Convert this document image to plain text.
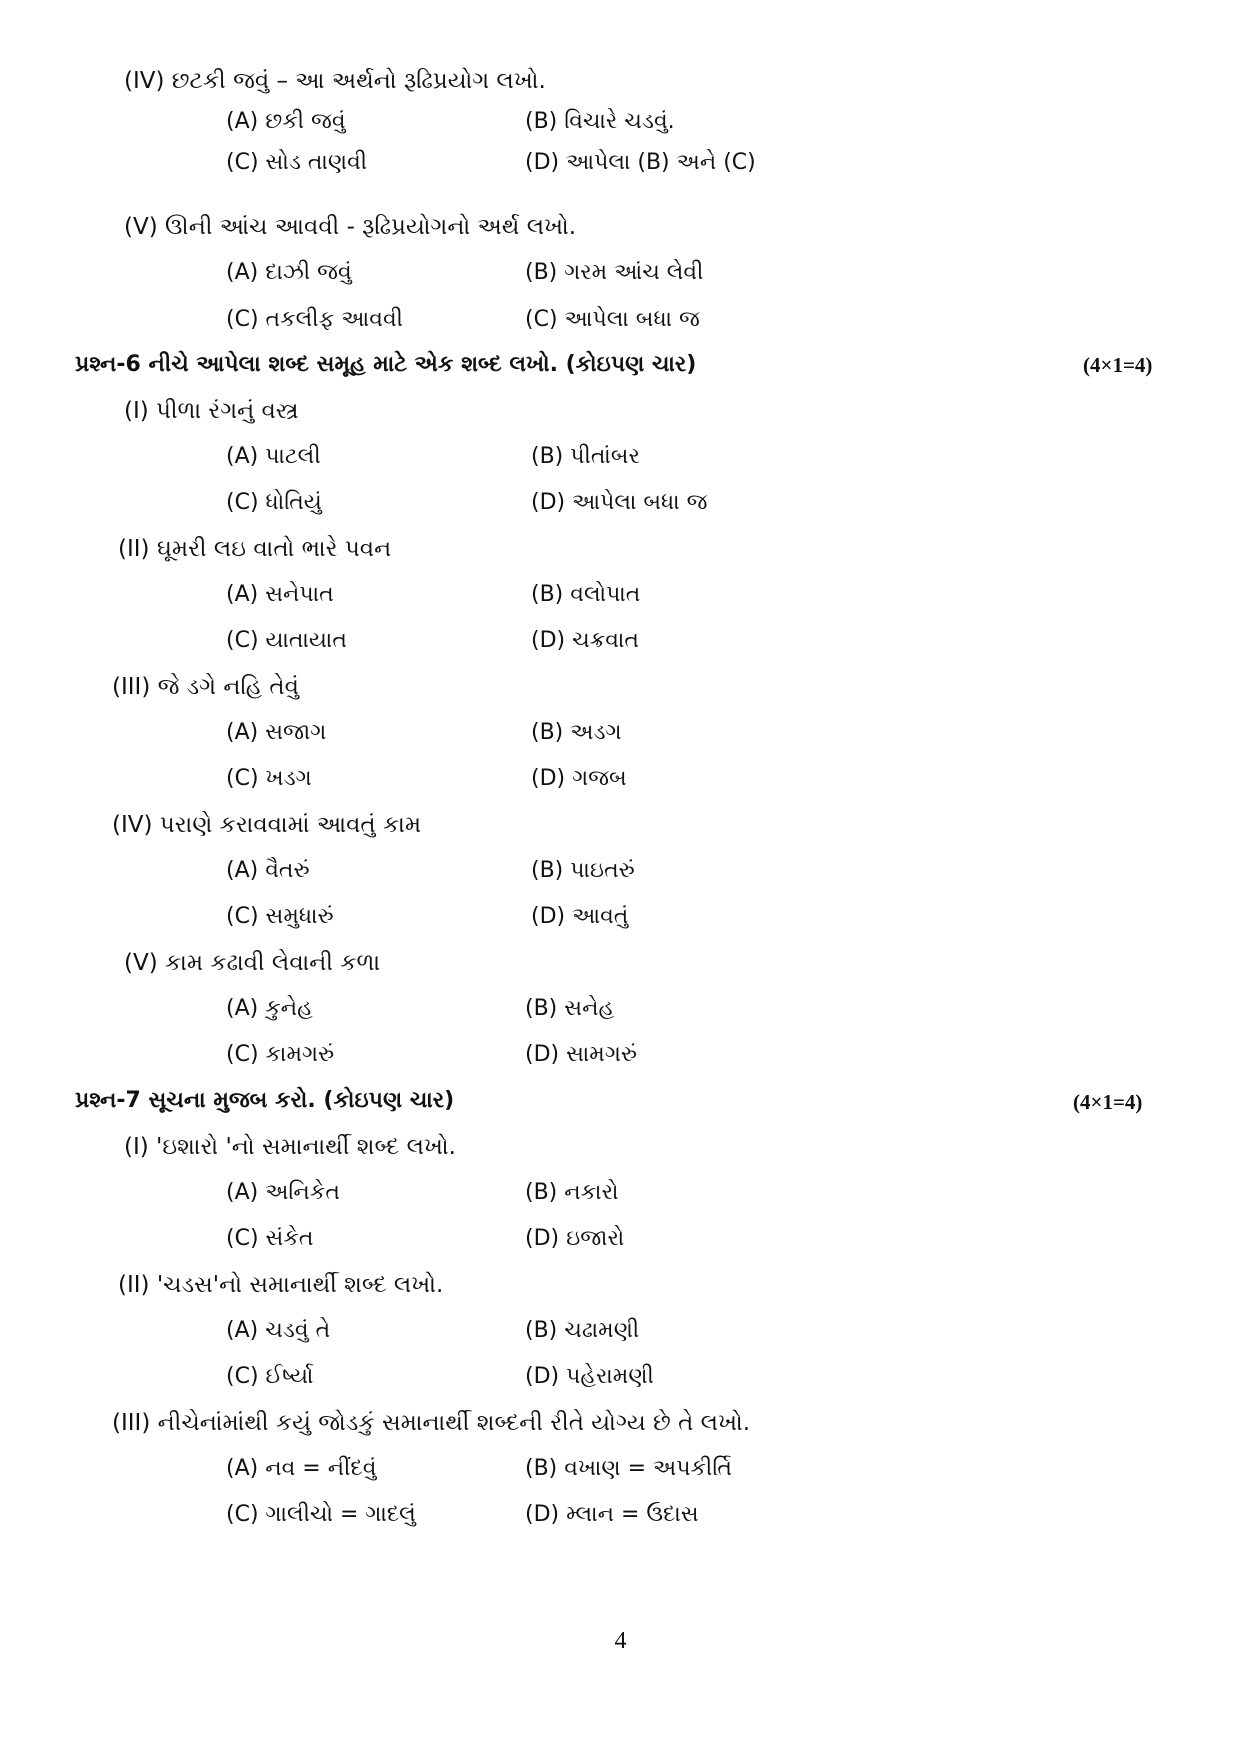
(IV) છટકી જવું – આ અર્થનો રૂઢિપ્રયોગ લખો.
(A) છકી જવું	(B) વિચારે ચડવું.
(C) સોડ તાણવી	(D) આપેલા (B) અને (C)
(V) ઊની આંચ આવવી - રૂઢિપ્રયોગનો અર્થ લખો.
(A) દાઝી જવું	(B) ગરમ આંચ લેવી
(C) તકલીફ આવવી	(C) આપેલા બધા જ
પ્રશ્ન-6 નીચે આપેલા શબ્દ સમૂહ માટે એક શબ્દ લખો. (કોઇપણ ચાર)	(4×1=4)
(I) પીળા રંગનું વસ્ત્ર
(A) પાટલી	(B) પીતાંબર
(C) ધોતિયું	(D) આપેલા બધા જ
(II) ઘૂમરી લઇ વાતો ભારે પવન
(A) સનેપાત	(B) વલોપાત
(C) યાતાયાત	(D) ચક્રવાત
(III) જે ડગે નહિ તેવું
(A) સજાગ	(B) અડગ
(C) ખડગ	(D) ગજબ
(IV) પરાણે કરાવવામાં આવતું કામ
(A) વૈતરું	(B) પાઇતરું
(C) સમુધારું	(D) આવતું
(V) કામ કઢાવી લેવાની કળા
(A) કુનેહ	(B) સનેહ
(C) કામગરું	(D) સામગરું
પ્રશ્ન-7 સૂચના મુજબ કરો. (કોઇપણ ચાર)	(4×1=4)
(I) 'ઇશારો 'નો સમાનાર્થી શબ્દ લખો.
(A) અનિકેત	(B) નકારો
(C) સંકેત	(D) ઇજારો
(II) 'ચડસ'નો સમાનાર્થી શબ્દ લખો.
(A) ચડવું તે	(B) ચઢામણી
(C) ઈર્ષ્યા	(D) પહેરામણી
(III) નીચેનાંમાંથી કયું જોડકું સમાનાર્થી શબ્દની રીતે યોગ્ય છે તે લખો.
(A) નવ = નીંદવું	(B) વખાણ = અપકીર્તિ
(C) ગાલીચો = ગાદલું	(D) મ્લાન = ઉદાસ
4
